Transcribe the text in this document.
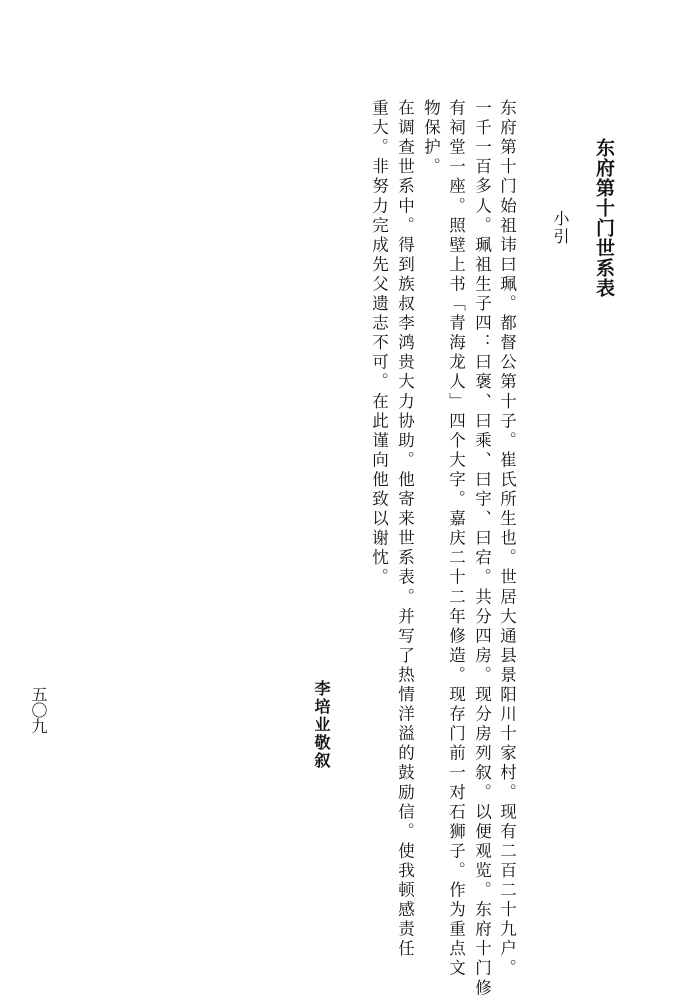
东府第十门世系表
小引
东府第十门始祖讳曰珮。都督公第十子。崔氏所生也。世居大通县景阳川十家村。现有二百二十九户。
一千一百多人。珮祖生子四：曰褒、曰乘、曰宇、曰宕。共分四房。现分房列叙。以便观览。东府十门修
有祠堂一座。照壁上书「青海龙人」四个大字。嘉庆二十二年修造。现存门前一对石狮子。作为重点文
物保护。
在调查世系中。得到族叔李鸿贵大力协助。他寄来世系表。并写了热情洋溢的鼓励信。使我顿感责任
重大。非努力完成先父遗志不可。在此谨向他致以谢忱。
李培业敬叙
五〇九
